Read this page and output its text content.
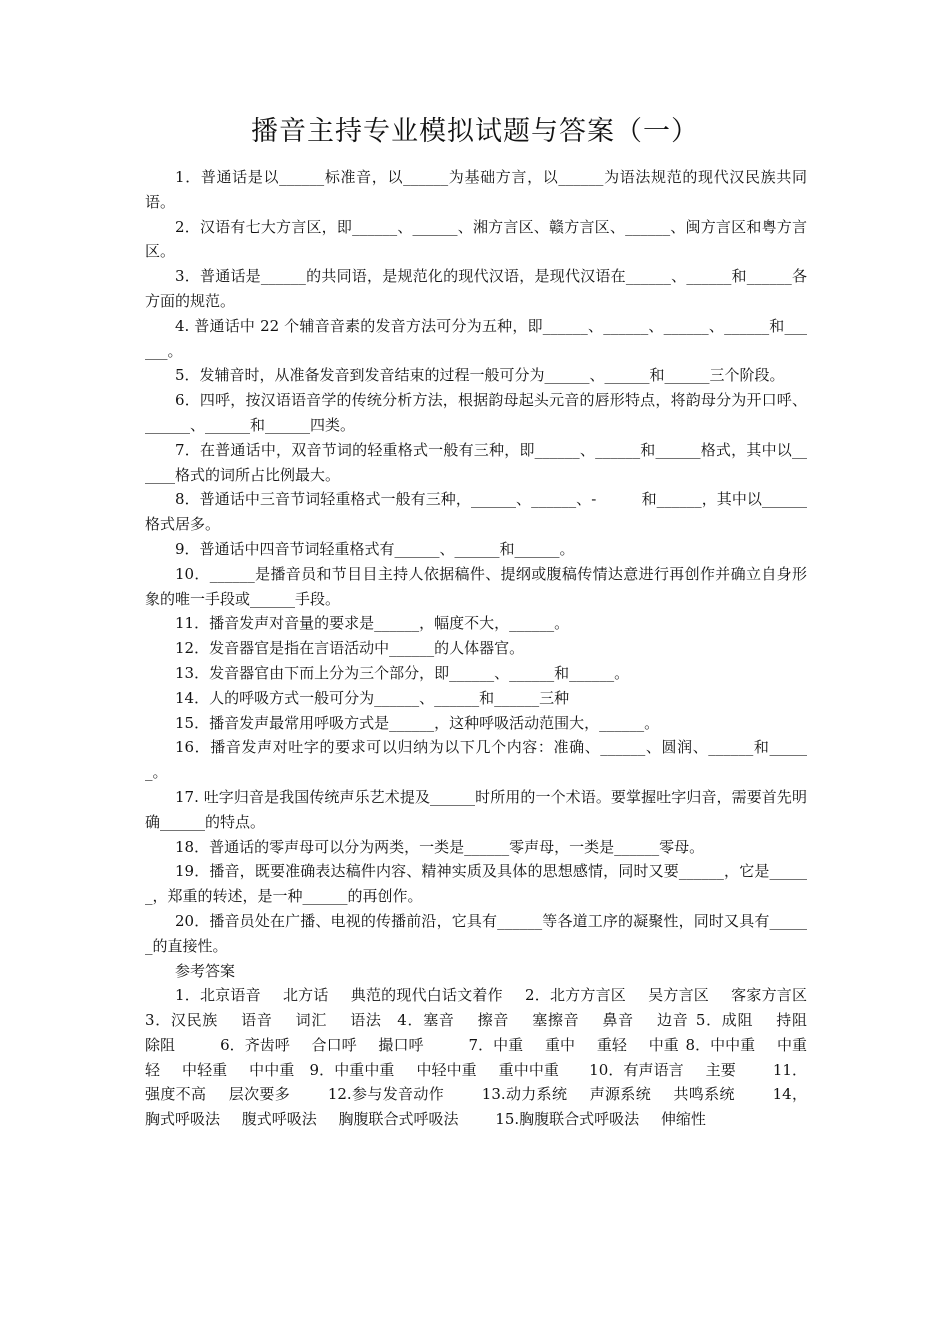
播音主持专业模拟试题与答案（一）

1．普通话是以______标准音，以______为基础方言，以______为语法规范的现代汉民族共同语。

2．汉语有七大方言区，即______、______、湘方言区、赣方言区、______、闽方言区和粤方言区。

3．普通话是______的共同语，是规范化的现代汉语，是现代汉语在______、______和______各方面的规范。

4. 普通话中 22 个辅音音素的发音方法可分为五种，即______、______、______、______和______。

5．发辅音时，从准备发音到发音结束的过程一般可分为______、______和______三个阶段。

6．四呼，按汉语语音学的传统分析方法，根据韵母起头元音的唇形特点，将韵母分为开口呼、______、______和______四类。

7．在普通话中，双音节词的轻重格式一般有三种，即______、______和______格式，其中以______格式的词所占比例最大。

8．普通话中三音节词轻重格式一般有三种，______、______、-　　　和______，其中以______格式居多。

9．普通话中四音节词轻重格式有______、______和______。

10．______是播音员和节目目主持人依据稿件、提纲或腹稿传情达意进行再创作并确立自身形象的唯一手段或______手段。

11．播音发声对音量的要求是______，幅度不大，______。

12．发音器官是指在言语活动中______的人体器官。

13．发音器官由下而上分为三个部分，即______、______和______。

14．人的呼吸方式一般可分为______、______和______三种

15．播音发声最常用呼吸方式是______，这种呼吸活动范围大，______。

16．播音发声对吐字的要求可以归纳为以下几个内容：准确、______、圆润、______和______。

17. 吐字归音是我国传统声乐艺术提及______时所用的一个术语。要掌握吐字归音，需要首先明确______的特点。

18．普通话的零声母可以分为两类，一类是______零声母，一类是______零母。

19．播音，既要准确表达稿件内容、精神实质及具体的思想感情，同时又要______，它是______，郑重的转述，是一种______的再创作。

20．播音员处在广播、电视的传播前沿，它具有______等各道工序的凝聚性，同时又具有______的直接性。

参考答案

1．北京语音　 北方话　 典范的现代白话文着作　 2．北方方言区　 吴方言区　 客家方言区　　　3．汉民族　 语音　 词汇　 语法　4．塞音　 擦音　 塞擦音　 鼻音　 边音 5．成阻　 持阻　 除阻　　　6．齐齿呼　 合口呼　 撮口呼　　　7．中重　 重中　 重轻　 中重 8．中中重　 中重轻　 中轻重　 中中重　9．中重中重　 中轻中重　 重中中重　　10．有声语言　 主要　　 11．强度不高　 层次要多　　 12.参与发音动作　　 13.动力系统　 声源系统　 共鸣系统　　 14，胸式呼吸法　 腹式呼吸法　 胸腹联合式呼吸法　　 15.胸腹联合式呼吸法　 伸缩性
